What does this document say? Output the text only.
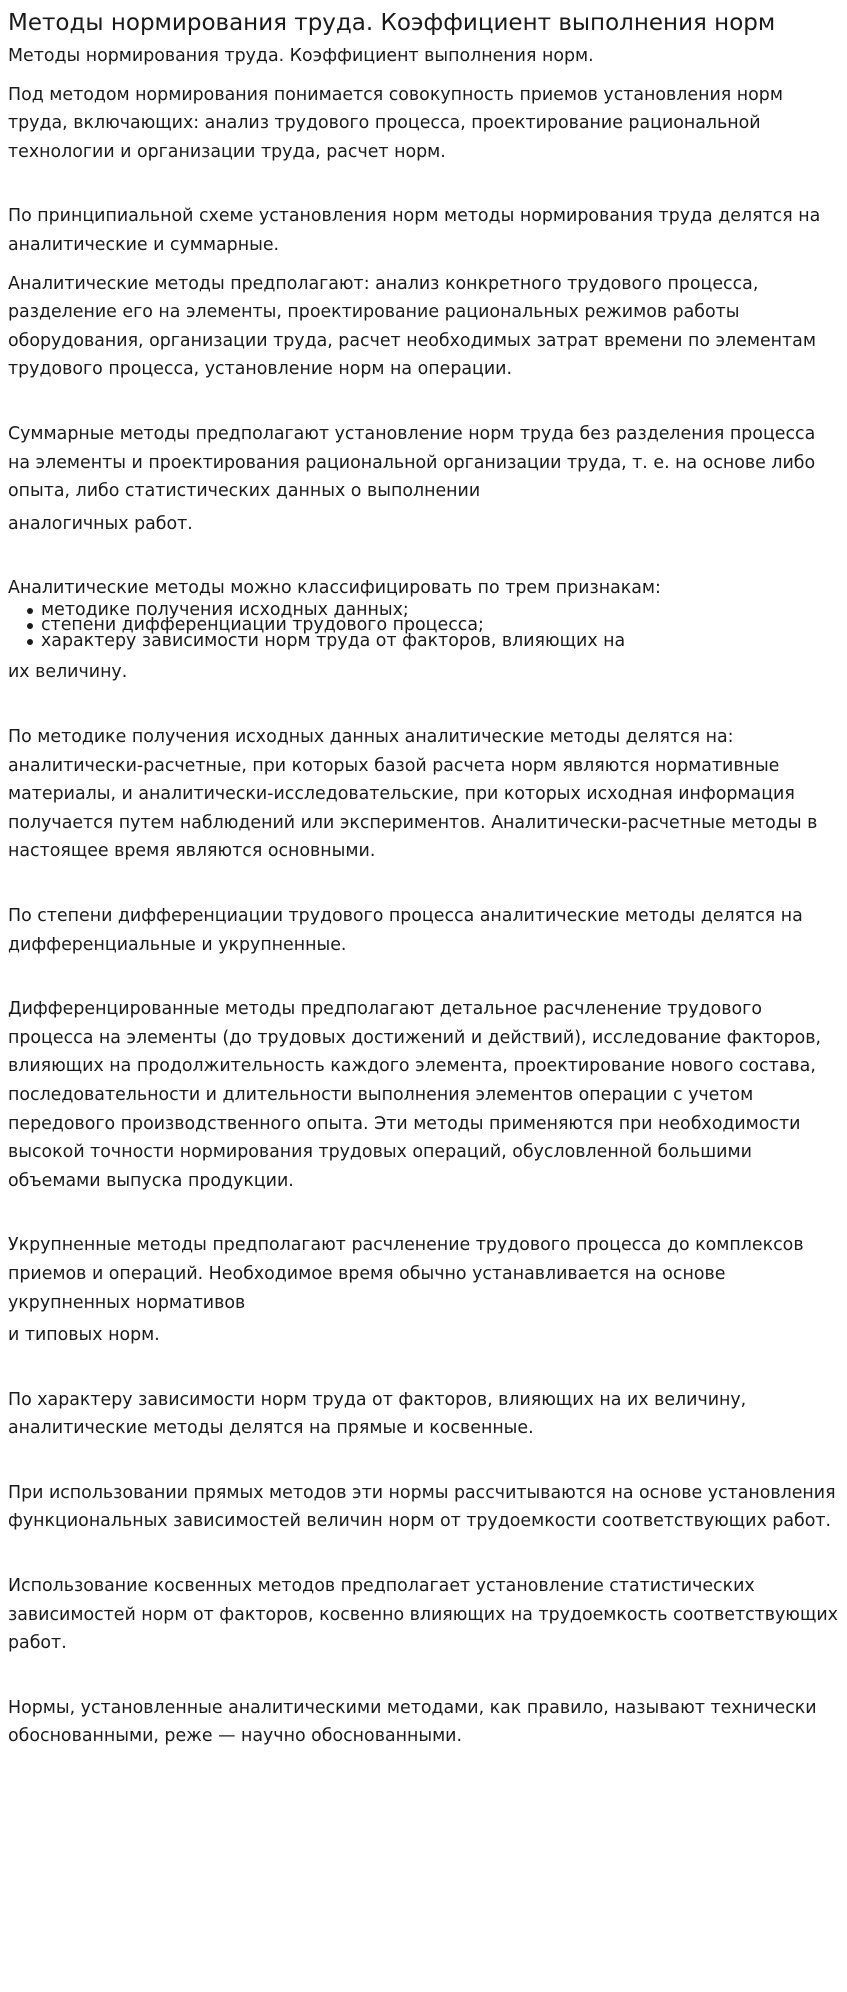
Методы нормирования труда. Коэффициент выполнения норм

Методы нормирования труда. Коэффициент выполнения норм.

Под методом нормирования понимается совокупность приемов установления норм труда, включающих: анализ трудового процесса, проектирование рациональной технологии и организации труда, расчет норм.

По принципиальной схеме установления норм методы нормирования труда делятся на аналитические и суммарные.

Аналитические методы предполагают: анализ конкретного трудового процесса, разделение его на элементы, проектирование рациональных режимов работы оборудования, организации труда, расчет необходимых затрат времени по элементам трудового процесса, установление норм на операции.

Суммарные методы предполагают установление норм труда без разделения процесса на элементы и проектирования рациональной организации труда, т. е. на основе либо опыта, либо статистических данных о выполнении

аналогичных работ.

Аналитические методы можно классифицировать по трем признакам:

методике получения исходных данных;
степени дифференциации трудового процесса;
характеру зависимости норм труда от факторов, влияющих на

их величину.

По методике получения исходных данных аналитические методы делятся на: аналитически-расчетные, при которых базой расчета норм являются нормативные материалы, и аналитически-исследовательские, при которых исходная информация получается путем наблюдений или экспериментов. Аналитически-расчетные методы в настоящее время являются основными.

По степени дифференциации трудового процесса аналитические методы делятся на дифференциальные и укрупненные.

Дифференцированные методы предполагают детальное расчленение трудового процесса на элементы (до трудовых достижений и действий), исследование факторов, влияющих на продолжительность каждого элемента, проектирование нового состава, последовательности и длительности выполнения элементов операции с учетом передового производственного опыта. Эти методы применяются при необходимости высокой точности нормирования трудовых операций, обусловленной большими объемами выпуска продукции.

Укрупненные методы предполагают расчленение трудового процесса до комплексов приемов и операций. Необходимое время обычно устанавливается на основе укрупненных нормативов

и типовых норм.

По характеру зависимости норм труда от факторов, влияющих на их величину, аналитические методы делятся на прямые и косвенные.

При использовании прямых методов эти нормы рассчитываются на основе установления функциональных зависимостей величин норм от трудоемкости соответствующих работ.

Использование косвенных методов предполагает установление статистических зависимостей норм от факторов, косвенно влияющих на трудоемкость соответствующих работ.

Нормы, установленные аналитическими методами, как правило, называют технически обоснованными, реже — научно обоснованными.
